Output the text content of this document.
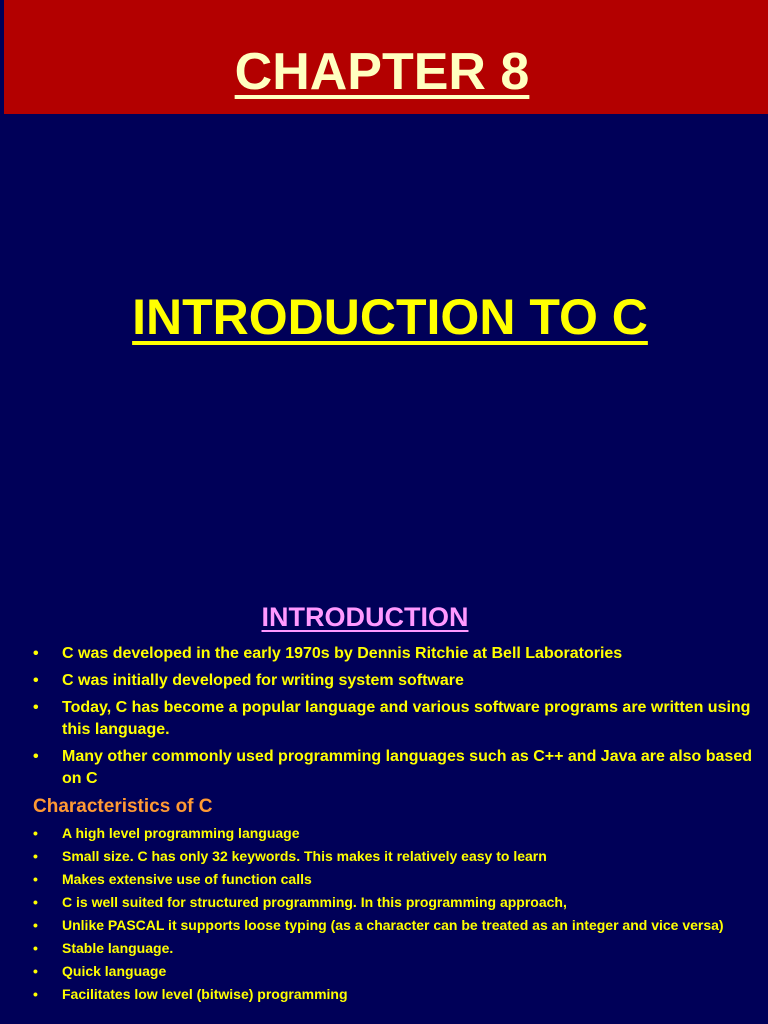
CHAPTER 8
INTRODUCTION TO C
INTRODUCTION
• C was developed in the early 1970s by Dennis Ritchie at Bell Laboratories
• C was initially developed for writing system software
• Today, C has become a popular language and various software programs are written using this language.
• Many other commonly used programming languages such as C++ and Java are also based on C
Characteristics of C
• A high level programming language
• Small size. C has only 32 keywords. This makes it relatively easy to learn
• Makes extensive use of function calls
• C is well suited for structured programming. In this programming approach,
• Unlike PASCAL it supports loose typing (as a character can be treated as an integer and vice versa)
• Stable language.
• Quick language
• Facilitates low level (bitwise) programming
